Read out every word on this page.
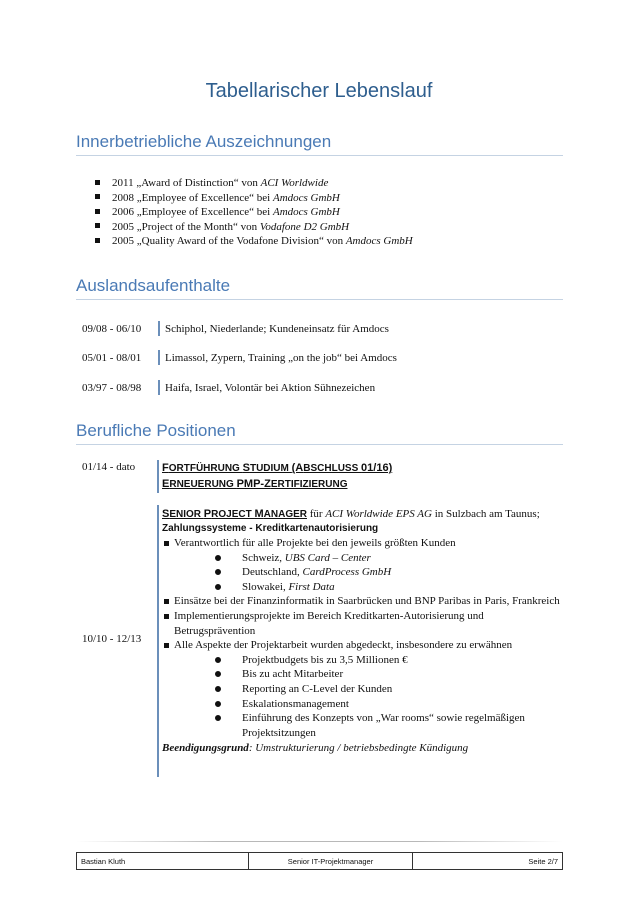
Tabellarischer Lebenslauf
Innerbetriebliche Auszeichnungen
2011 „Award of Distinction“ von ACI Worldwide
2008 „Employee of Excellence“ bei Amdocs GmbH
2006 „Employee of Excellence“ bei Amdocs GmbH
2005 „Project of the Month“ von Vodafone D2 GmbH
2005 „Quality Award of the Vodafone Division“ von Amdocs GmbH
Auslandsaufenthalte
09/08 - 06/10 Schiphol, Niederlande; Kundeneinsatz für Amdocs
05/01 - 08/01 Limassol, Zypern, Training „on the job“ bei Amdocs
03/97 - 08/98 Haifa, Israel, Volontär bei Aktion Sühnezeichen
Berufliche Positionen
01/14 - dato FORTFÜHRUNG STUDIUM (ABSCHLUSS 01/16)
ERNEUERUNG PMP-ZERTIFIZIERUNG
10/10 - 12/13
SENIOR PROJECT MANAGER für ACI Worldwide EPS AG in Sulzbach am Taunus;
Zahlungssysteme - Kreditkartenautorisierung
Verantwortlich für alle Projekte bei den jeweils größten Kunden
Schweiz, UBS Card – Center
Deutschland, CardProcess GmbH
Slowakei, First Data
Einsätze bei der Finanzinformatik in Saarbrücken und BNP Paribas in Paris, Frankreich
Implementierungsprojekte im Bereich Kreditkarten-Autorisierung und Betrugsprävention
Alle Aspekte der Projektarbeit wurden abgedeckt, insbesondere zu erwähnen
Projektbudgets bis zu 3,5 Millionen €
Bis zu acht Mitarbeiter
Reporting an C-Level der Kunden
Eskalationsmanagement
Einführung des Konzepts von „War rooms“ sowie regelmäßigen Projektsitzungen
Beendigungsgrund: Umstrukturierung / betriebsbedingte Kündigung
Bastian Kluth	Senior IT-Projektmanager	Seite 2/7
